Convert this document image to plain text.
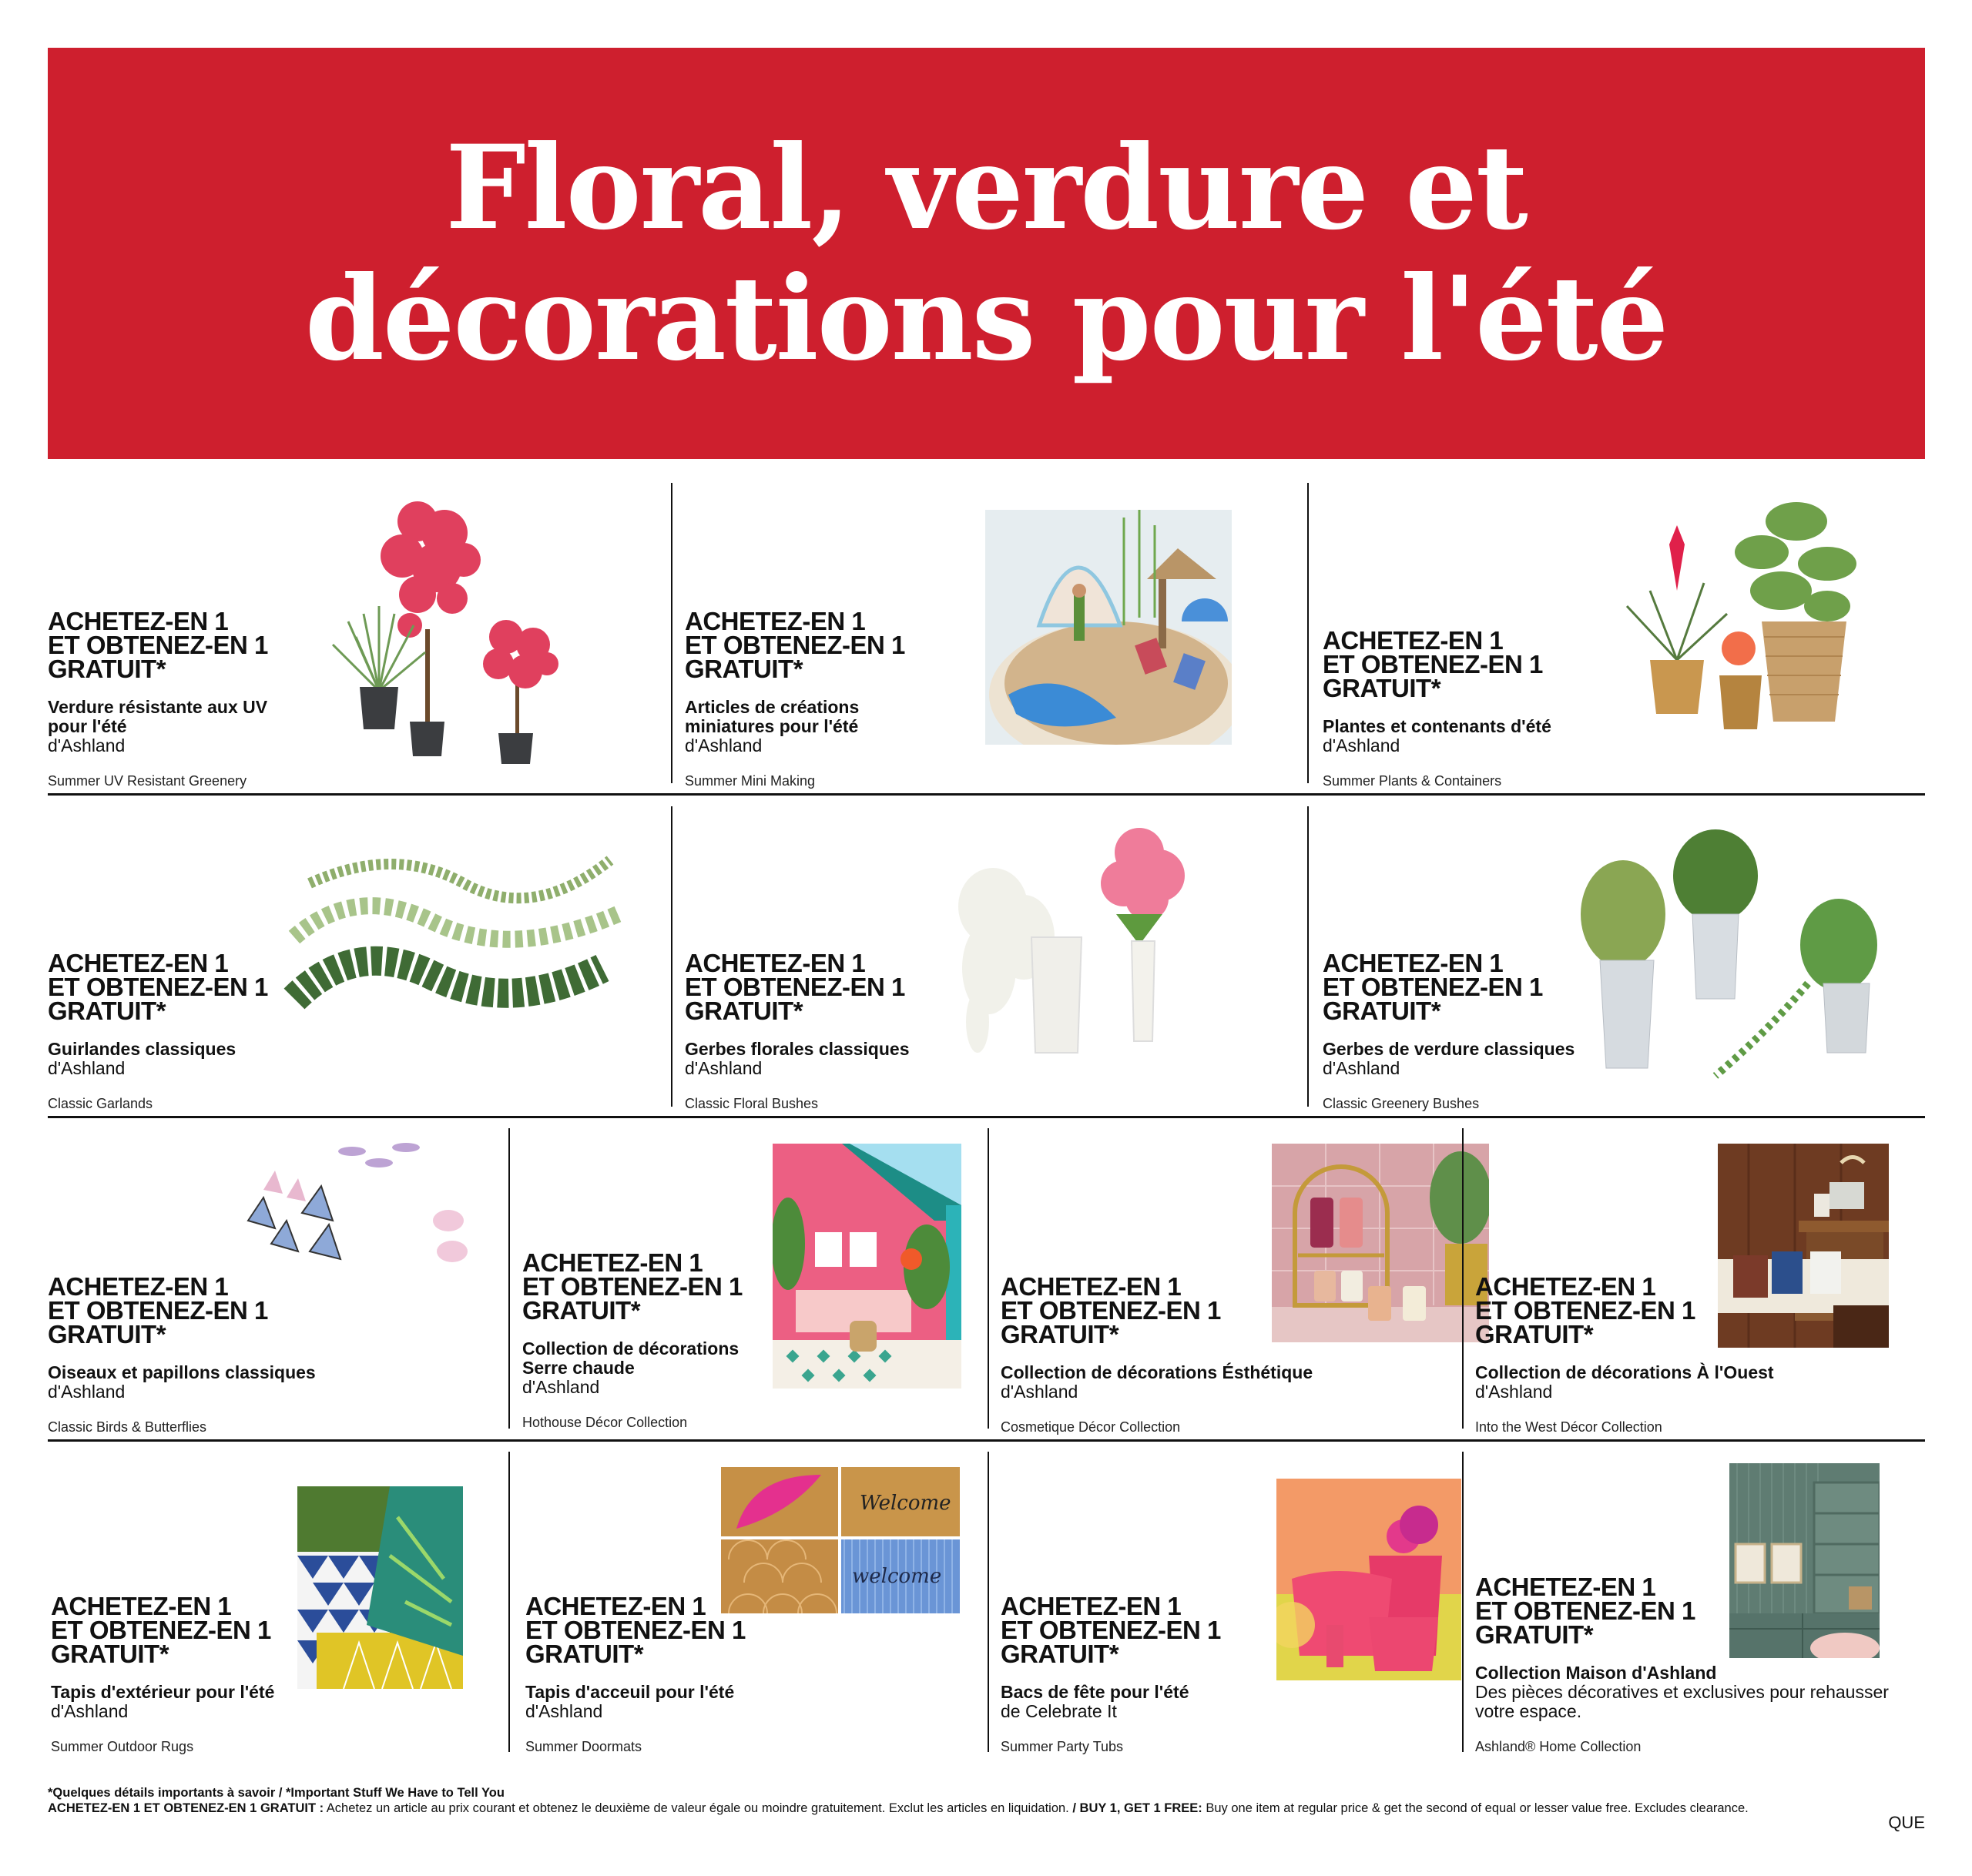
Floral, verdure et
décorations pour l'été
ACHETEZ-EN 1
ET OBTENEZ-EN 1
GRATUIT*
Verdure résistante aux UV pour l'été
d'Ashland
Summer UV Resistant Greenery
ACHETEZ-EN 1
ET OBTENEZ-EN 1
GRATUIT*
Articles de créations miniatures pour l'été
d'Ashland
Summer Mini Making
ACHETEZ-EN 1
ET OBTENEZ-EN 1
GRATUIT*
Plantes et contenants d'été
d'Ashland
Summer Plants & Containers
ACHETEZ-EN 1
ET OBTENEZ-EN 1
GRATUIT*
Guirlandes classiques
d'Ashland
Classic Garlands
ACHETEZ-EN 1
ET OBTENEZ-EN 1
GRATUIT*
Gerbes florales classiques
d'Ashland
Classic Floral Bushes
ACHETEZ-EN 1
ET OBTENEZ-EN 1
GRATUIT*
Gerbes de verdure classiques
d'Ashland
Classic Greenery Bushes
ACHETEZ-EN 1
ET OBTENEZ-EN 1
GRATUIT*
Oiseaux et papillons classiques
d'Ashland
Classic Birds & Butterflies
ACHETEZ-EN 1
ET OBTENEZ-EN 1
GRATUIT*
Collection de décorations Serre chaude
d'Ashland
Hothouse Décor Collection
ACHETEZ-EN 1
ET OBTENEZ-EN 1
GRATUIT*
Collection de décorations Ésthétique
d'Ashland
Cosmetique Décor Collection
ACHETEZ-EN 1
ET OBTENEZ-EN 1
GRATUIT*
Collection de décorations À l'Ouest
d'Ashland
Into the West Décor Collection
ACHETEZ-EN 1
ET OBTENEZ-EN 1
GRATUIT*
Tapis d'extérieur pour l'été
d'Ashland
Summer Outdoor Rugs
Welcome
welcome
ACHETEZ-EN 1
ET OBTENEZ-EN 1
GRATUIT*
Tapis d'acceuil pour l'été
d'Ashland
Summer Doormats
ACHETEZ-EN 1
ET OBTENEZ-EN 1
GRATUIT*
Bacs de fête pour l'été
de Celebrate It
Summer Party Tubs
ACHETEZ-EN 1
ET OBTENEZ-EN 1
GRATUIT*
Collection Maison d'Ashland
Des pièces décoratives et exclusives pour rehausser votre espace.
Ashland® Home Collection
*Quelques détails importants à savoir / *Important Stuff We Have to Tell You
ACHETEZ-EN 1 ET OBTENEZ-EN 1 GRATUIT : Achetez un article au prix courant et obtenez le deuxième de valeur égale ou moindre gratuitement. Exclut les articles en liquidation. / BUY 1, GET 1 FREE: Buy one item at regular price & get the second of equal or lesser value free. Excludes clearance.
QUE
